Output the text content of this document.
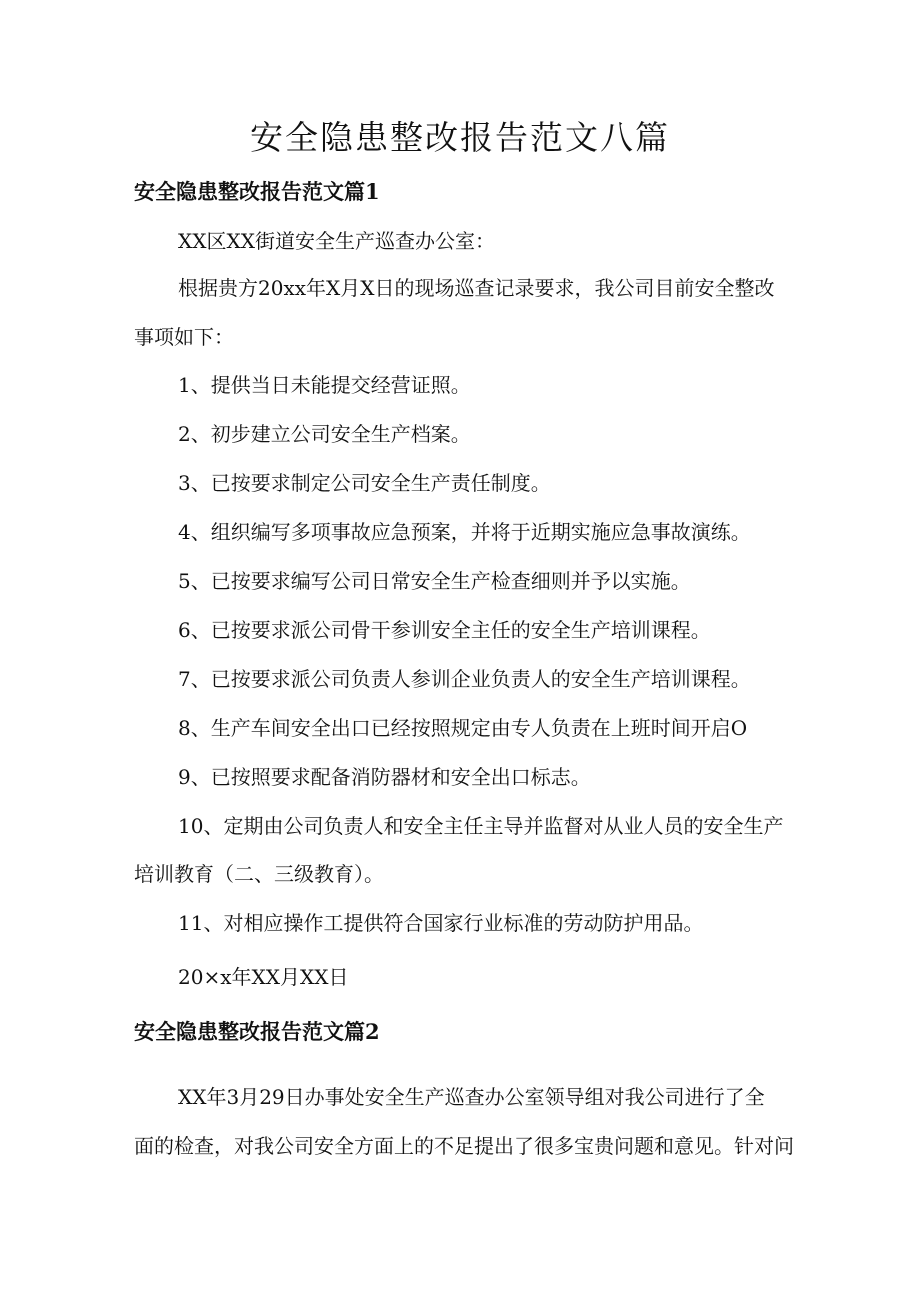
安全隐患整改报告范文八篇
安全隐患整改报告范文篇1
XX区XX街道安全生产巡查办公室：
根据贵方20xx年X月X日的现场巡查记录要求，我公司目前安全整改
事项如下：
1、提供当日未能提交经营证照。
2、初步建立公司安全生产档案。
3、已按要求制定公司安全生产责任制度。
4、组织编写多项事故应急预案，并将于近期实施应急事故演练。
5、已按要求编写公司日常安全生产检查细则并予以实施。
6、已按要求派公司骨干参训安全主任的安全生产培训课程。
7、已按要求派公司负责人参训企业负责人的安全生产培训课程。
8、生产车间安全出口已经按照规定由专人负责在上班时间开启O
9、已按照要求配备消防器材和安全出口标志。
10、定期由公司负责人和安全主任主导并监督对从业人员的安全生产
培训教育（二、三级教育）。
11、对相应操作工提供符合国家行业标准的劳动防护用品。
20×x年XX月XX日
安全隐患整改报告范文篇2
XX年3月29日办事处安全生产巡查办公室领导组对我公司进行了全
面的检查，对我公司安全方面上的不足提出了很多宝贵问题和意见。针对问
